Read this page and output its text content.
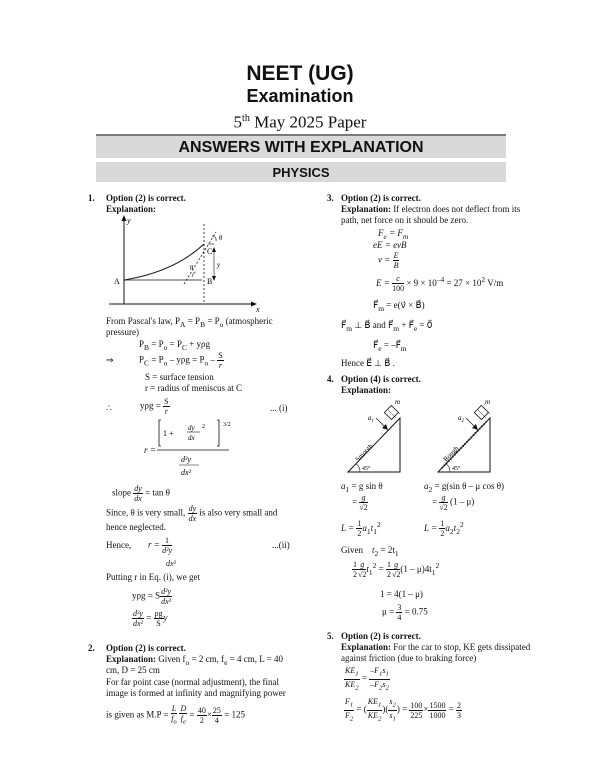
NEET (UG)
Examination
5th May 2025 Paper
ANSWERS WITH EXPLANATION
PHYSICS
1. Option (2) is correct.
Explanation:
y
x
θ
C
A	B
θ	y
From Pascal's law, $P_A = P_B = P_o$ (atmospheric
pressure)
$P_B = P_o = P_C + y\rho g$
⇒	$P_C = P_o - y\rho g = P_o - \frac{S}{r}$
S = surface tension
r = radius of meniscus at C
∴	$y\rho g = \frac{S}{r}$	... (i)
r =
1 +
dy
dx
2	3/2
d²y
dx²
slope $\frac{dy}{dx} = \tan \theta$
Since, θ is very small, $\frac{dy}{dx}$ is also very small and
hence neglected.
Hence, $r = \frac{1}{\text{d²y}}$
dx²
...(ii)
Putting r in Eq. (i), we get
yρg = S $\frac{\text{d²y}}{\text{dx²}}$
$\frac{\text{d²y}}{\text{dx²}} = \frac{\rho g}{S}$ y
2. Option (2) is correct.
Explanation: Given $f_o = 2$ cm, $f_e = 4$ cm, L = 40
cm, D = 25 cm
For far point case (normal adjustment), the final
image is formed at infinity and magnifying power
is given as $M.P = \frac{L}{f_o}$
$\frac{D}{f_e} = \frac{40}{2} \times \frac{25}{4} = 125$
3. Option (2) is correct.
Explanation: If electron does not deflect from its
path, net force on it should be zero.
$F_e = F_m$
eE = evB
$v = \frac{E}{B}$
$E = \frac{c}{100} \times 9 \times 10^{-4} = 27 \times 10^2$ V/m
$F⃗_m$ = e(v⃗ × B⃗)
$F⃗_m$ ⊥ B⃗ and $F⃗_m$ + $F⃗_e$ = 0⃗
$F⃗_e$ = $-F⃗_m$
Hence E⃗ ⊥ B⃗ .
4. Option (4) is correct.
Explanation:
m
$a_1$
Smooth
45°
m
$a_2$
Rough
45°
$a_1 = g$ sin θ	$a_2 = g(\sin$ θ – μ cos θ)
= $\frac{g}{√2}$	= $\frac{g}{√2} (1 - \mu)$
$L = \frac{1}{2} a_1t_1^2$	$L = \frac{1}{2} a_2t_2^2$
Given $t_2 = 2t_1$
$\frac{1}{2} \frac{g}{√2} t_1^2 = \frac{1}{2} \frac{g}{√2} (1 - \mu)4t_1^2$
1 = 4(1 – μ)
$\mu = \frac{3}{4} = 0.75$
5. Option (2) is correct.
Explanation: For the car to stop, KE gets dissipated
against friction (due to braking force)
$\frac{KE_1}{KE_2} = \frac{-F_1s_1}{-F_2s_2}$
$\frac{F_1}{F_2}$ = ( $\frac{KE_1}{KE_2}$ )( $\frac{s_2}{s_1}$ ) = $\frac{100}{225} \times \frac{1500}{1000} = \frac{2}{3}$
